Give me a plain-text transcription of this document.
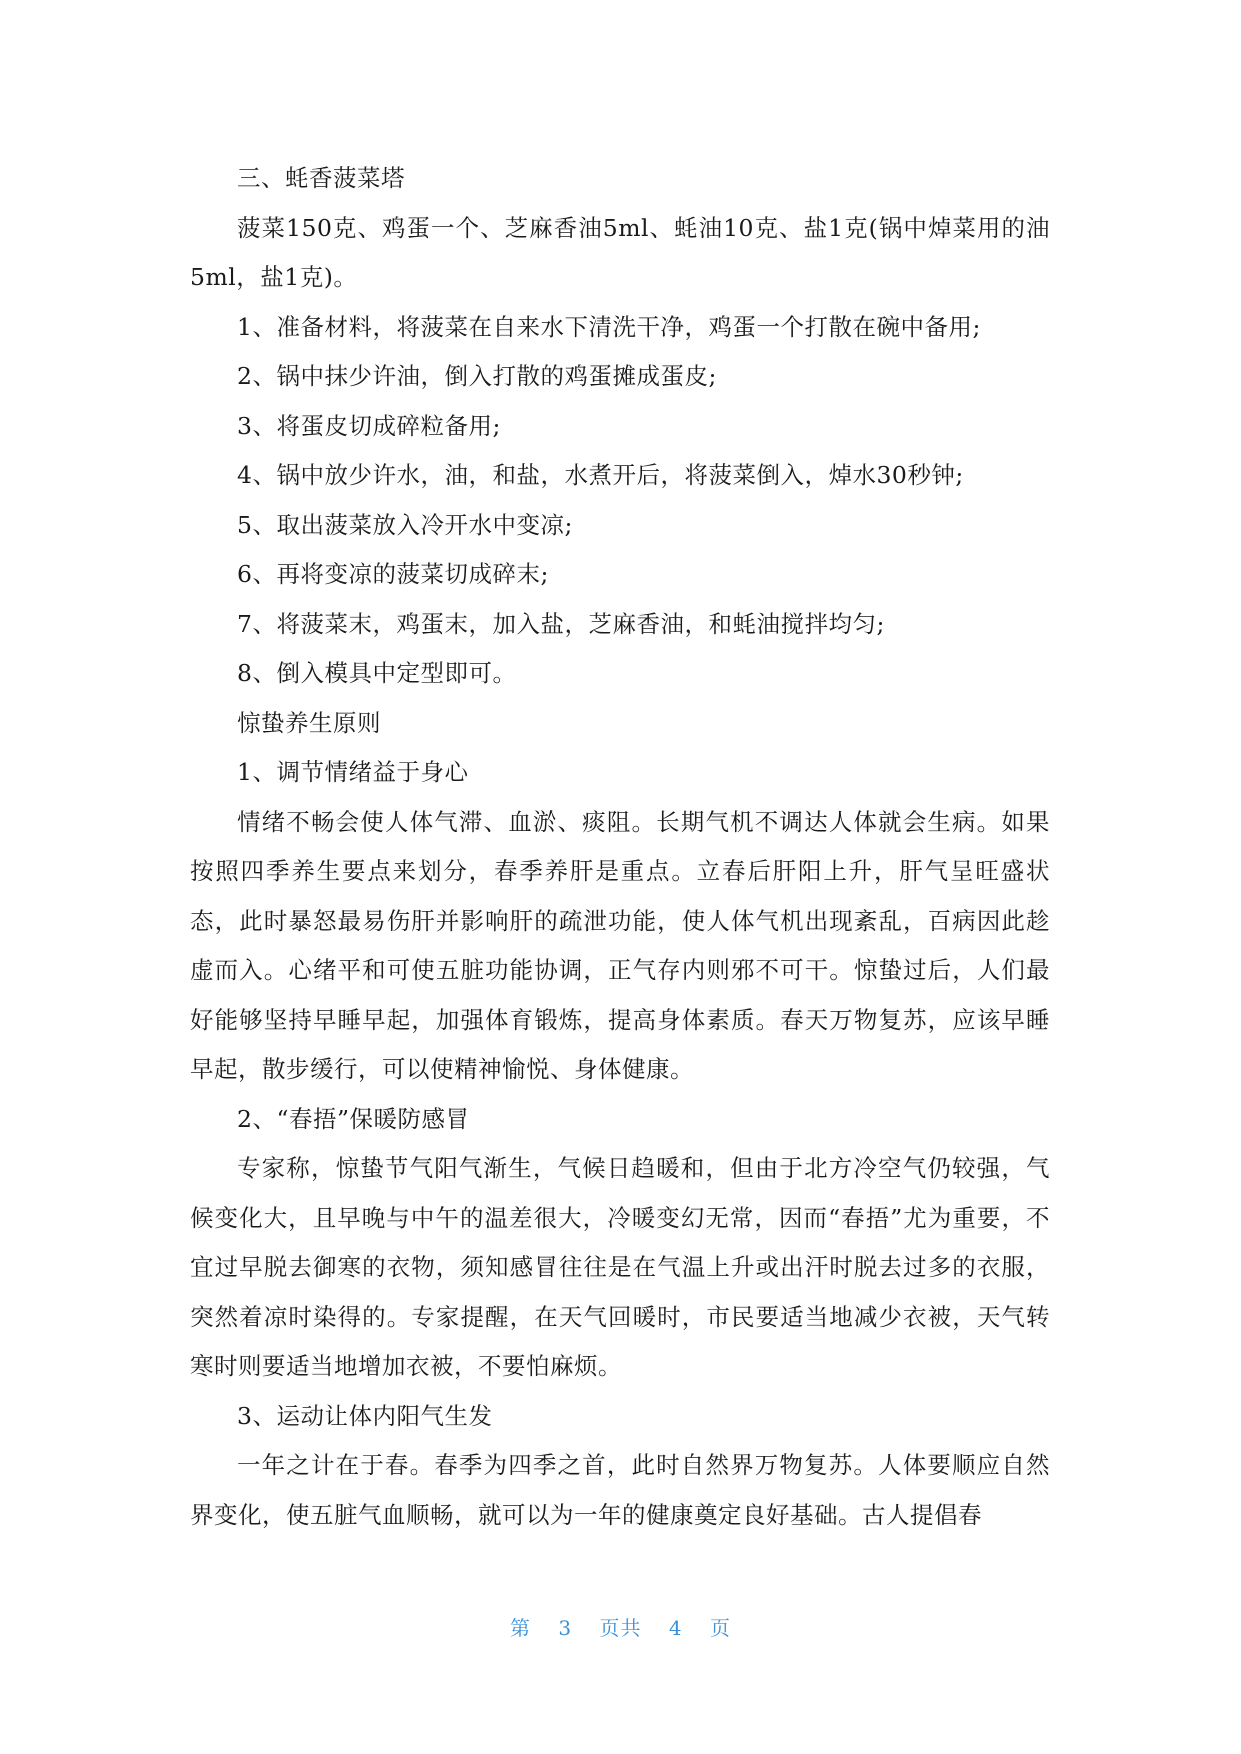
三、蚝香菠菜塔

菠菜150克、鸡蛋一个、芝麻香油5ml、蚝油10克、盐1克(锅中焯菜用的油5ml，盐1克)。

1、准备材料，将菠菜在自来水下清洗干净，鸡蛋一个打散在碗中备用;

2、锅中抹少许油，倒入打散的鸡蛋摊成蛋皮;

3、将蛋皮切成碎粒备用;

4、锅中放少许水，油，和盐，水煮开后，将菠菜倒入，焯水30秒钟;

5、取出菠菜放入冷开水中变凉;

6、再将变凉的菠菜切成碎末;

7、将菠菜末，鸡蛋末，加入盐，芝麻香油，和蚝油搅拌均匀;

8、倒入模具中定型即可。

惊蛰养生原则

1、调节情绪益于身心

情绪不畅会使人体气滞、血淤、痰阻。长期气机不调达人体就会生病。如果按照四季养生要点来划分，春季养肝是重点。立春后肝阳上升，肝气呈旺盛状态，此时暴怒最易伤肝并影响肝的疏泄功能，使人体气机出现紊乱，百病因此趁虚而入。心绪平和可使五脏功能协调，正气存内则邪不可干。惊蛰过后，人们最好能够坚持早睡早起，加强体育锻炼，提高身体素质。春天万物复苏，应该早睡早起，散步缓行，可以使精神愉悦、身体健康。

2、“春捂”保暖防感冒

专家称，惊蛰节气阳气渐生，气候日趋暖和，但由于北方冷空气仍较强，气候变化大，且早晚与中午的温差很大，冷暖变幻无常，因而“春捂”尤为重要，不宜过早脱去御寒的衣物，须知感冒往往是在气温上升或出汗时脱去过多的衣服，突然着凉时染得的。专家提醒，在天气回暖时，市民要适当地减少衣被，天气转寒时则要适当地增加衣被，不要怕麻烦。

3、运动让体内阳气生发

一年之计在于春。春季为四季之首，此时自然界万物复苏。人体要顺应自然界变化，使五脏气血顺畅，就可以为一年的健康奠定良好基础。古人提倡春

第 3 页共 4 页
